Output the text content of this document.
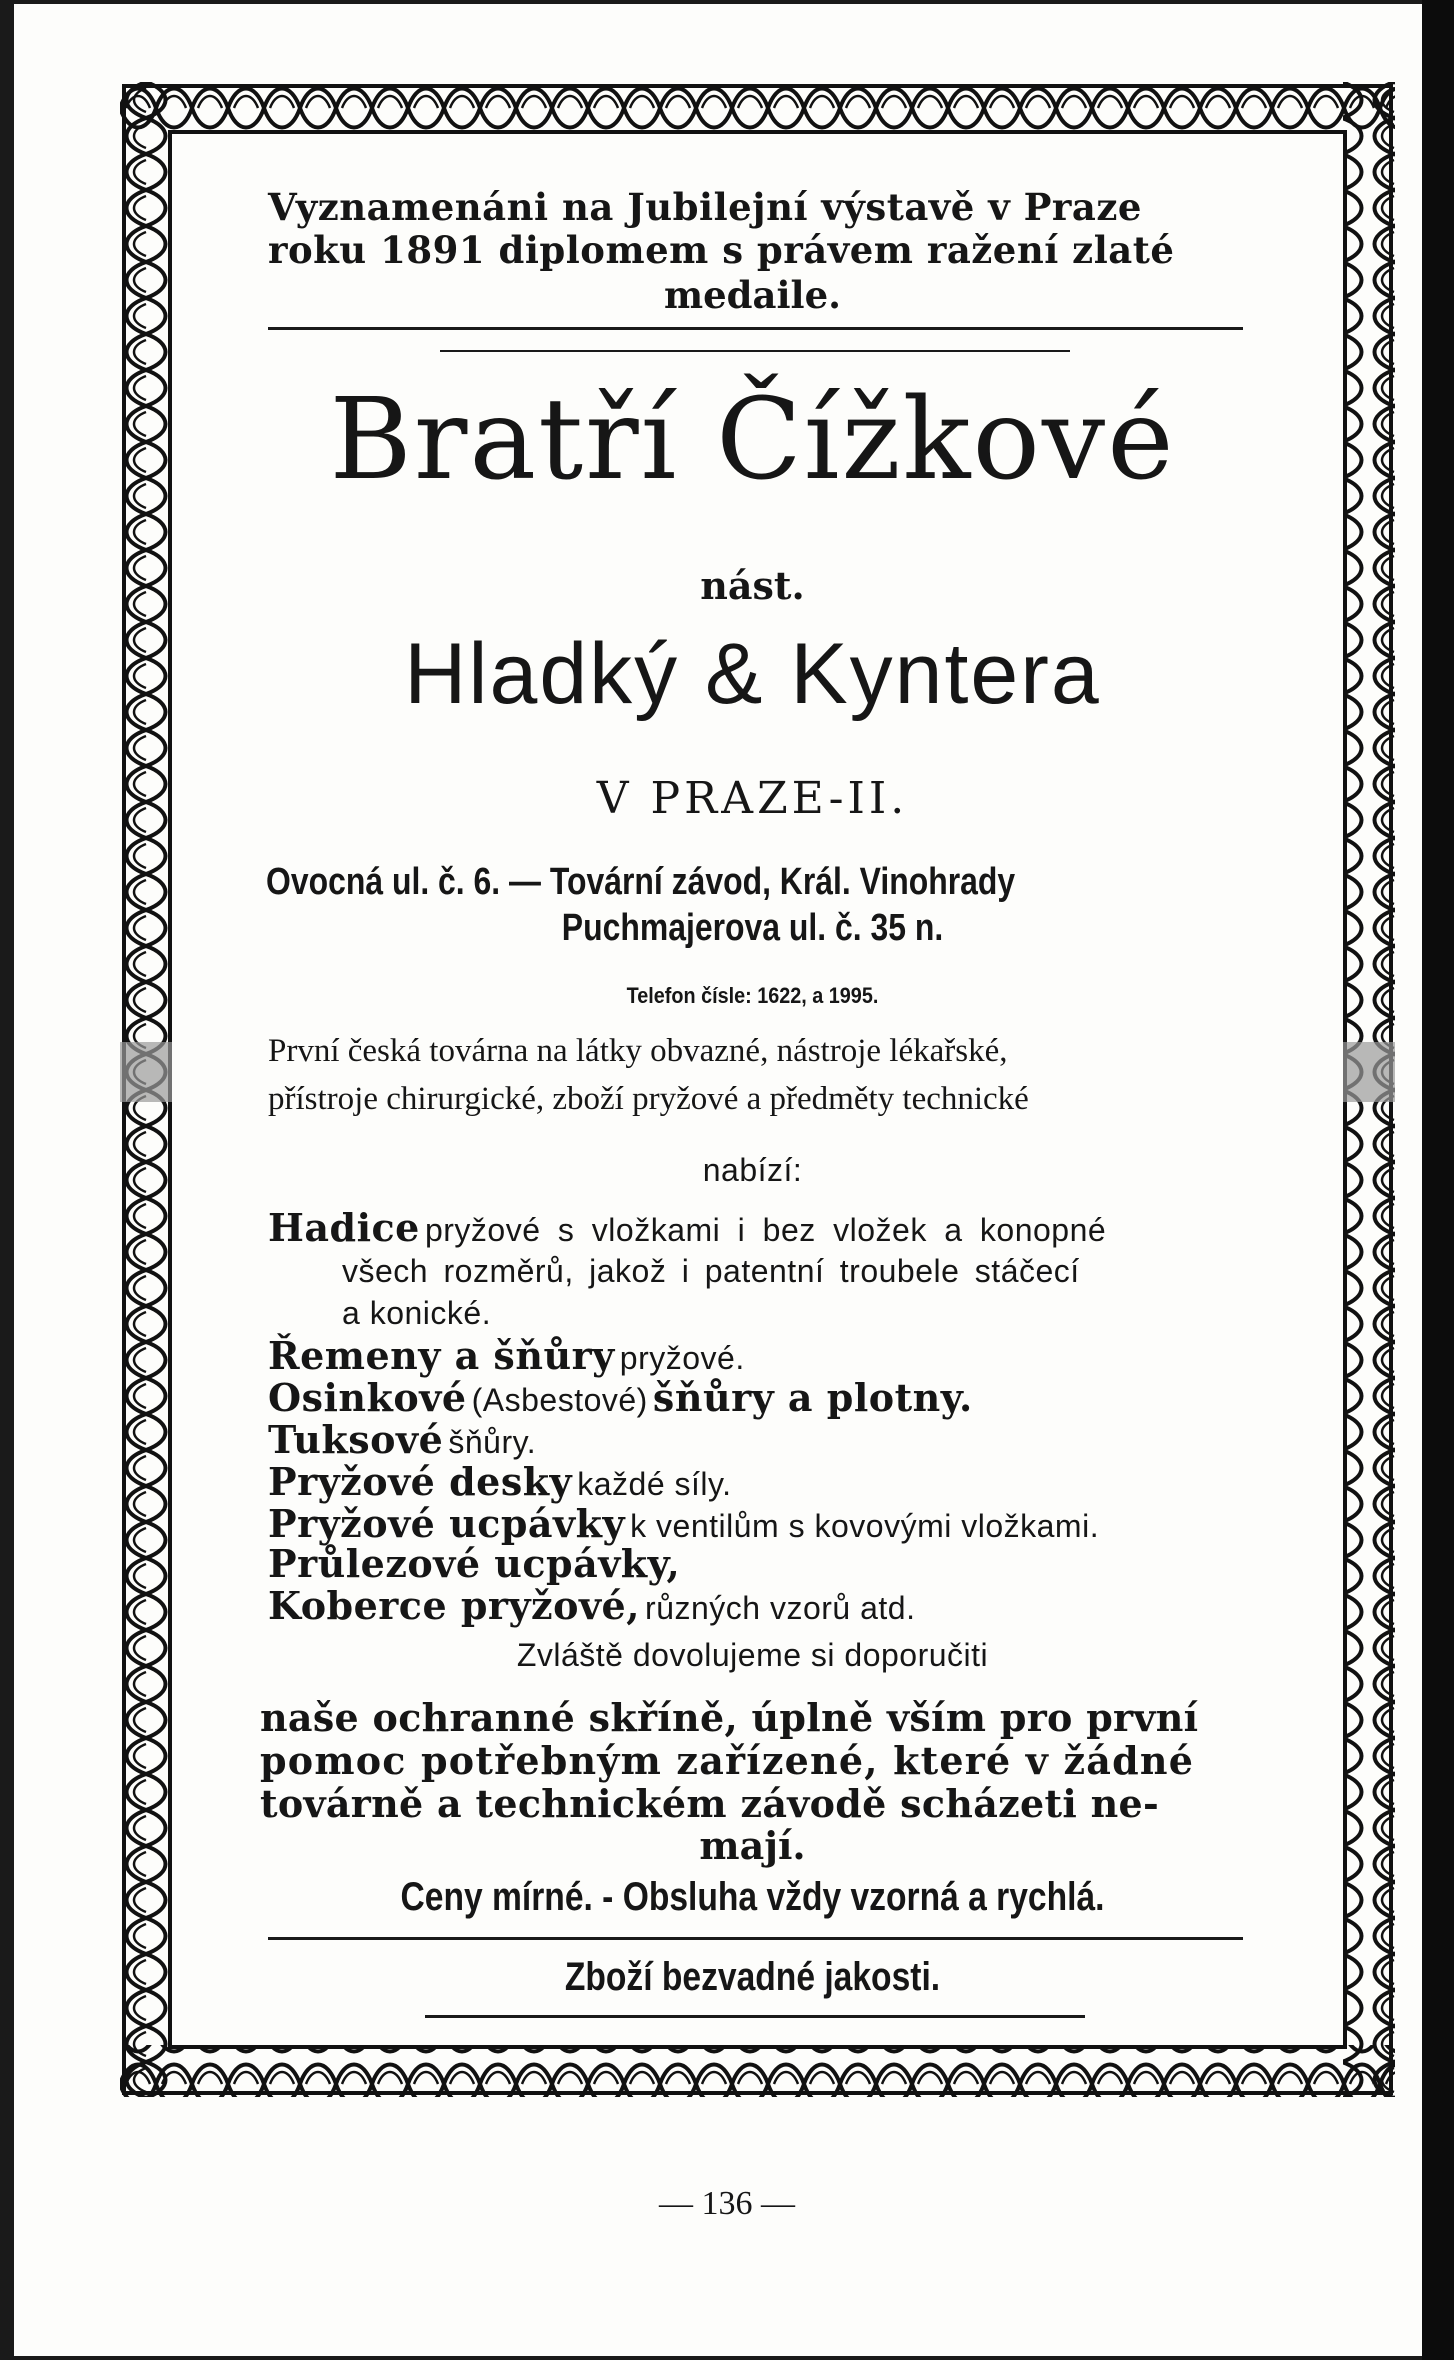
Vyznamenáni na Jubilejní výstavě v Praze
roku 1891 diplomem s právem ražení zlaté
medaile.
Bratří Čížkové
nást.
Hladký & Kyntera
V PRAZE-II.
Ovocná ul. č. 6. — Tovární závod, Král. Vinohrady
Puchmajerova ul. č. 35 n.
Telefon čísle: 1622, a 1995.
První česká továrna na látky obvazné, nástroje lékařské,
přístroje chirurgické, zboží pryžové a předměty technické
nabízí:
Hadice pryžové s vložkami i bez vložek a konopné
všech rozměrů, jakož i patentní troubele stáčecí
a konické.
Řemeny a šňůry pryžové.
Osinkové (Asbestové) šňůry a plotny.
Tuksové šňůry.
Pryžové desky každé síly.
Pryžové ucpávky k ventilům s kovovými vložkami.
Průlezové ucpávky,
Koberce pryžové, různých vzorů atd.
Zvláště dovolujeme si doporučiti
naše ochranné skříně, úplně vším pro první
pomoc potřebným zařízené, které v žádné
továrně a technickém závodě scházeti ne-
mají.
Ceny mírné. - Obsluha vždy vzorná a rychlá.
Zboží bezvadné jakosti.
— 136 —
